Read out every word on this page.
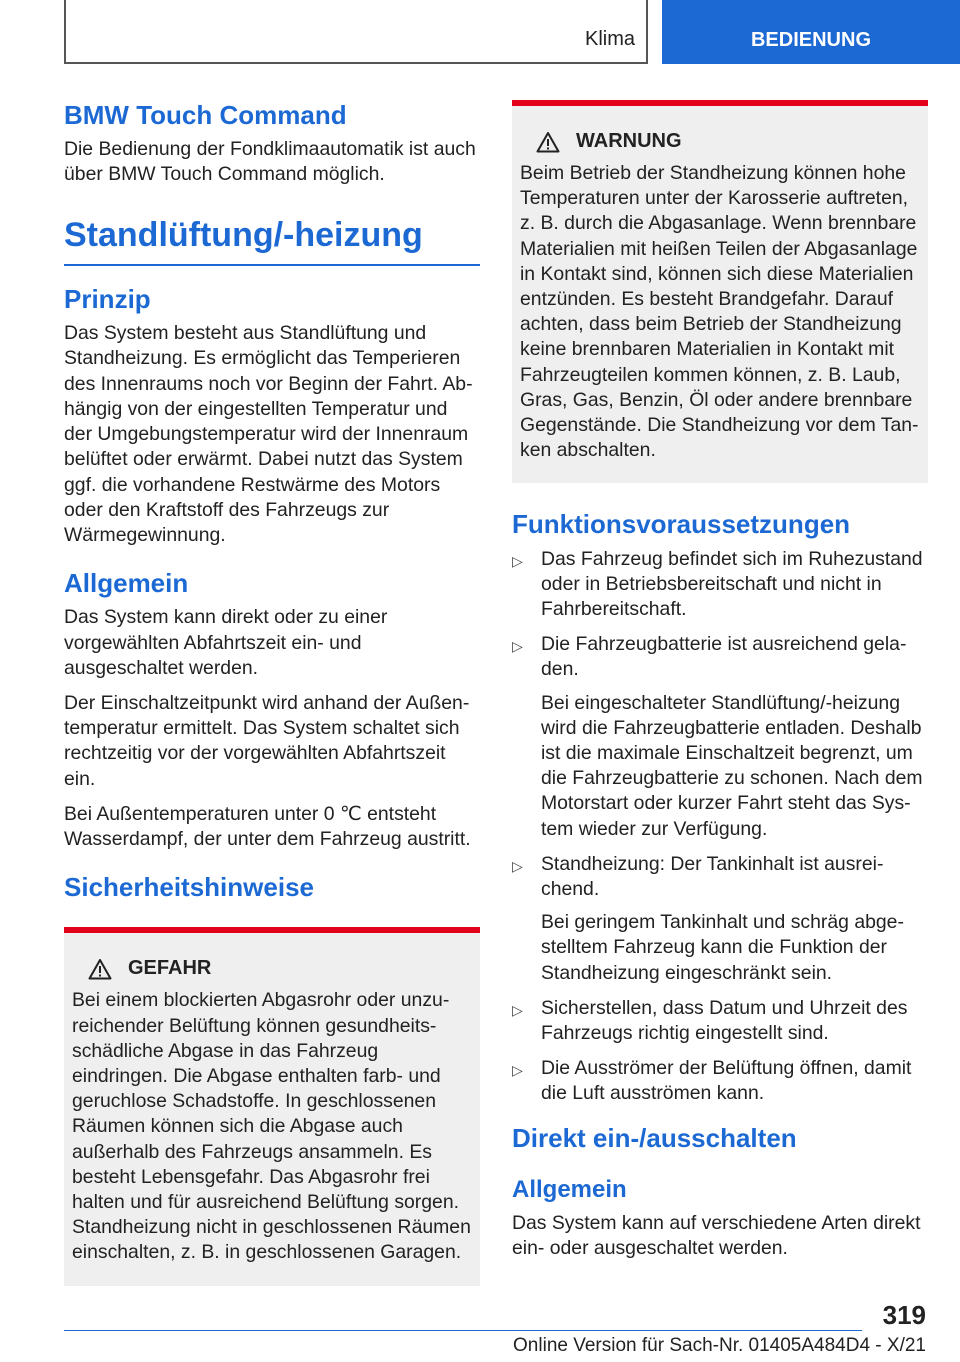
Klima	BEDIENUNG
BMW Touch Command

Die Bedienung der Fondklimaautomatik ist auch über BMW Touch Command möglich.

Standlüftung/-heizung
Prinzip

Das System besteht aus Standlüftung und Standheizung. Es ermöglicht das Temperieren des Innenraums noch vor Beginn der Fahrt. Abhängig von der eingestellten Temperatur und der Umgebungstemperatur wird der Innenraum belüftet oder erwärmt. Dabei nutzt das System ggf. die vorhandene Restwärme des Motors oder den Kraftstoff des Fahrzeugs zur Wärmegewinnung.

Allgemein

Das System kann direkt oder zu einer vorgewählten Abfahrtszeit ein- und ausgeschaltet werden.

Der Einschaltzeitpunkt wird anhand der Außentemperatur ermittelt. Das System schaltet sich rechtzeitig vor der vorgewählten Abfahrtszeit ein.

Bei Außentemperaturen unter 0 ℃ entsteht Wasserdampf, der unter dem Fahrzeug austritt.

Sicherheitshinweise
GEFAHR

Bei einem blockierten Abgasrohr oder unzureichender Belüftung können gesundheitsschädliche Abgase in das Fahrzeug eindringen. Die Abgase enthalten farb- und geruchlose Schadstoffe. In geschlossenen Räumen können sich die Abgase auch außerhalb des Fahrzeugs ansammeln. Es besteht Lebensgefahr. Das Abgasrohr frei halten und für ausreichend Belüftung sorgen. Standheizung nicht in geschlossenen Räumen einschalten, z. B. in geschlossenen Garagen.

WARNUNG

Beim Betrieb der Standheizung können hohe Temperaturen unter der Karosserie auftreten, z. B. durch die Abgasanlage. Wenn brennbare Materialien mit heißen Teilen der Abgasanlage in Kontakt sind, können sich diese Materialien entzünden. Es besteht Brandgefahr. Darauf achten, dass beim Betrieb der Standheizung keine brennbaren Materialien in Kontakt mit Fahrzeugteilen kommen können, z. B. Laub, Gras, Gas, Benzin, Öl oder andere brennbare Gegenstände. Die Standheizung vor dem Tanken abschalten.

Funktionsvoraussetzungen
▷ Das Fahrzeug befindet sich im Ruhezustand oder in Betriebsbereitschaft und nicht in Fahrbereitschaft.
▷ Die Fahrzeugbatterie ist ausreichend geladen.
Bei eingeschalteter Standlüftung/-heizung wird die Fahrzeugbatterie entladen. Deshalb ist die maximale Einschaltzeit begrenzt, um die Fahrzeugbatterie zu schonen. Nach dem Motorstart oder kurzer Fahrt steht das System wieder zur Verfügung.
▷ Standheizung: Der Tankinhalt ist ausreichend.
Bei geringem Tankinhalt und schräg abgestelltem Fahrzeug kann die Funktion der Standheizung eingeschränkt sein.
▷ Sicherstellen, dass Datum und Uhrzeit des Fahrzeugs richtig eingestellt sind.
▷ Die Ausströmer der Belüftung öffnen, damit die Luft ausströmen kann.
Direkt ein-/ausschalten
Allgemein

Das System kann auf verschiedene Arten direkt ein- oder ausgeschaltet werden.

319
Online Version für Sach-Nr. 01405A484D4 - X/21
